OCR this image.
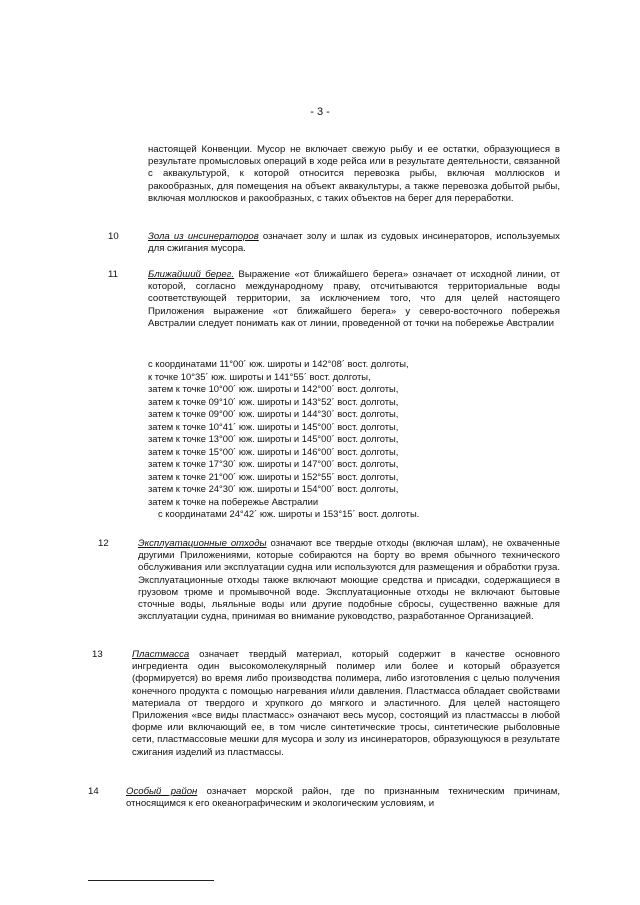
- 3 -
настоящей Конвенции. Мусор не включает свежую рыбу и ее остатки, образующиеся в результате промысловых операций в ходе рейса или в результате деятельности, связанной с аквакультурой, к которой относится перевозка рыбы, включая моллюсков и ракообразных, для помещения на объект аквакультуры, а также перевозка добытой рыбы, включая моллюсков и ракообразных, с таких объектов на берег для переработки.
10	Зола из инсинераторов означает золу и шлак из судовых инсинераторов, используемых для сжигания мусора.
11	Ближайший берег. Выражение «от ближайшего берега» означает от исходной линии, от которой, согласно международному праву, отсчитываются территориальные воды соответствующей территории, за исключением того, что для целей настоящего Приложения выражение «от ближайшего берега» у северо-восточного побережья Австралии следует понимать как от линии, проведенной от точки на побережье Австралии
с координатами 11°00´ юж. широты и 142°08´ вост. долготы,
к точке 10°35´ юж. широты и 141°55´ вост. долготы,
затем к точке 10°00´ юж. широты и 142°00´ вост. долготы,
затем к точке 09°10´ юж. широты и 143°52´ вост. долготы,
затем к точке 09°00´ юж. широты и 144°30´ вост. долготы,
затем к точке 10°41´ юж. широты и 145°00´ вост. долготы,
затем к точке 13°00´ юж. широты и 145°00´ вост. долготы,
затем к точке 15°00´ юж. широты и 146°00´ вост. долготы,
затем к точке 17°30´ юж. широты и 147°00´ вост. долготы,
затем к точке 21°00´ юж. широты и 152°55´ вост. долготы,
затем к точке 24°30´ юж. широты и 154°00´ вост. долготы,
затем к точке на побережье Австралии
с координатами 24°42´ юж. широты и 153°15´ вост. долготы.
12	Эксплуатационные отходы означают все твердые отходы (включая шлам), не охваченные другими Приложениями, которые собираются на борту во время обычного технического обслуживания или эксплуатации судна или используются для размещения и обработки груза. Эксплуатационные отходы также включают моющие средства и присадки, содержащиеся в грузовом трюме и промывочной воде. Эксплуатационные отходы не включают бытовые сточные воды, льяльные воды или другие подобные сбросы, существенно важные для эксплуатации судна, принимая во внимание руководство, разработанное Организацией.
13	Пластмасса означает твердый материал, который содержит в качестве основного ингредиента один высокомолекулярный полимер или более и который образуется (формируется) во время либо производства полимера, либо изготовления с целью получения конечного продукта с помощью нагревания и/или давления. Пластмасса обладает свойствами материала от твердого и хрупкого до мягкого и эластичного. Для целей настоящего Приложения «все виды пластмасс» означают весь мусор, состоящий из пластмассы в любой форме или включающий ее, в том числе синтетические тросы, синтетические рыболовные сети, пластмассовые мешки для мусора и золу из инсинераторов, образующуюся в результате сжигания изделий из пластмассы.
14	Особый район означает морской район, где по признанным техническим причинам, относящимся к его океанографическим и экологическим условиям, и
